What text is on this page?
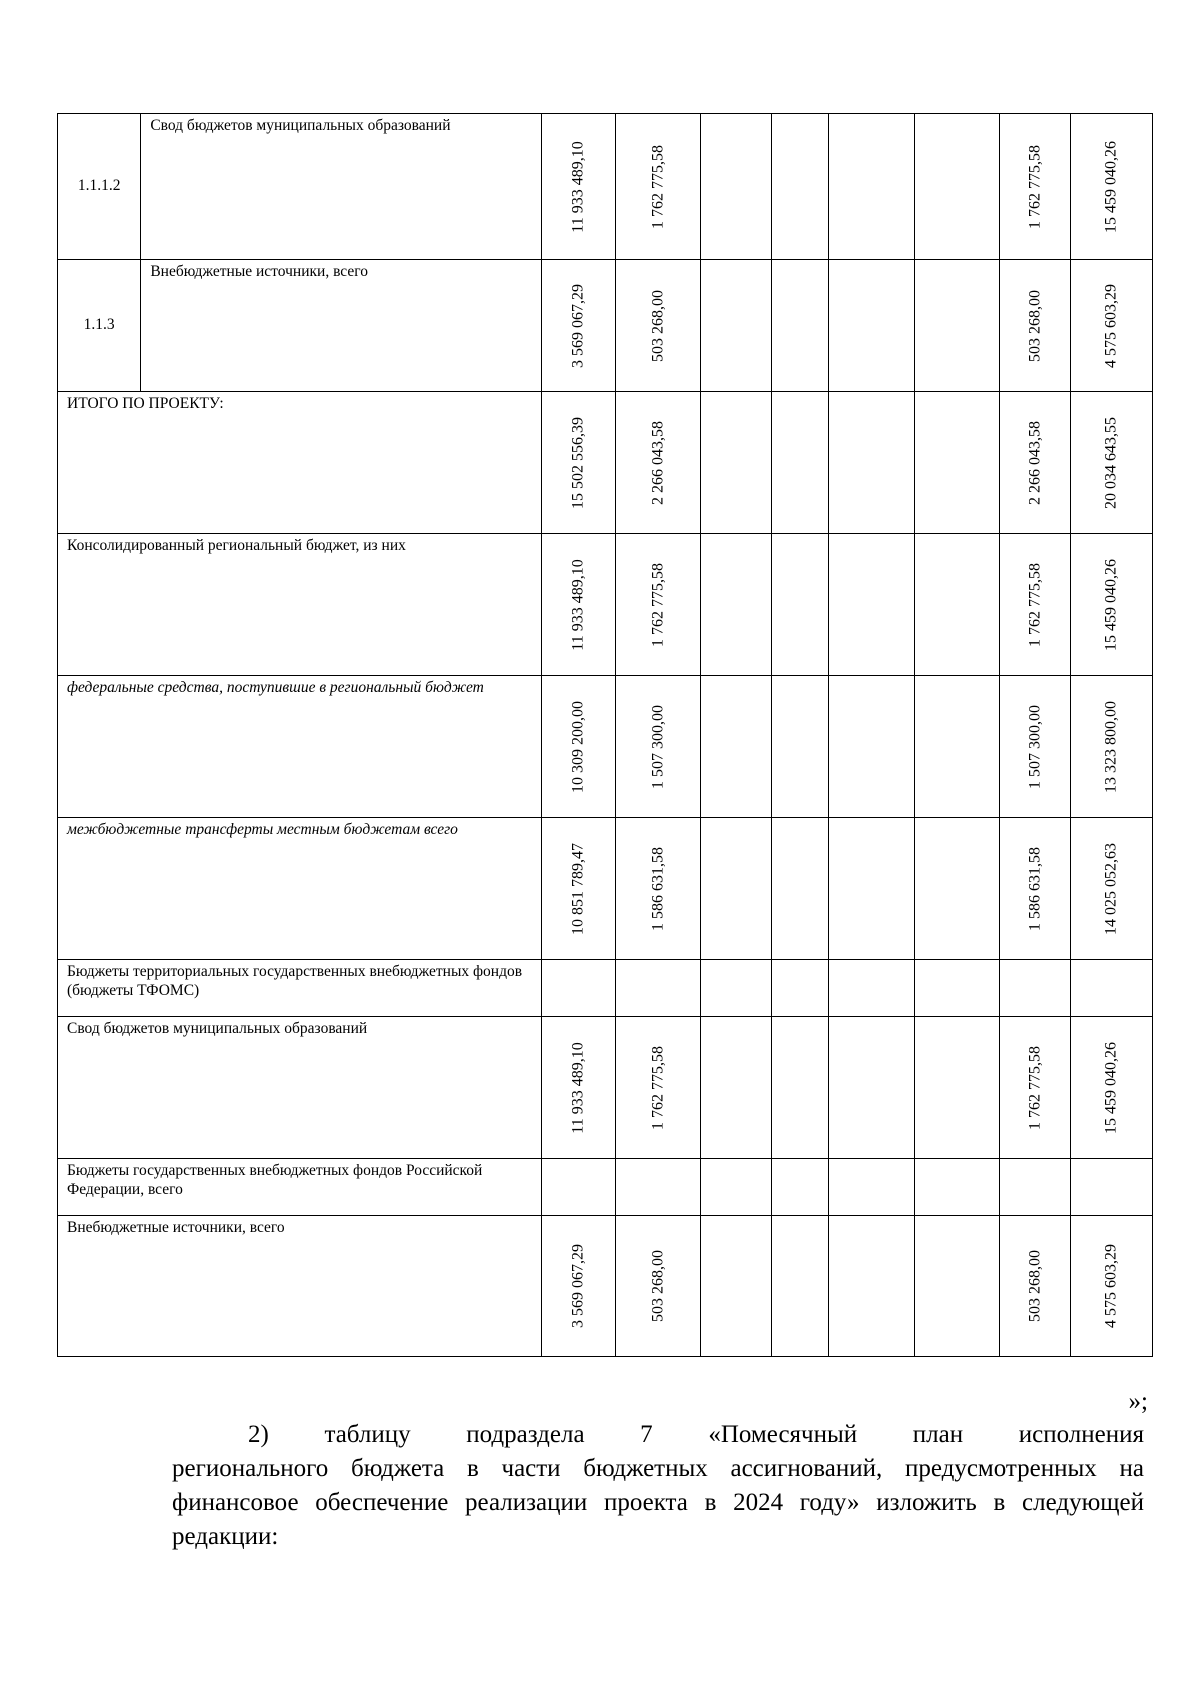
1.1.1.2	Свод бюджетов муниципальных образований	11 933 489,10	1 762 775,58					1 762 775,58	15 459 040,26

1.1.3	Внебюджетные источники, всего	3 569 067,29	503 268,00					503 268,00	4 575 603,29

ИТОГО ПО ПРОЕКТУ:		15 502 556,39	2 266 043,58					2 266 043,58	20 034 643,55

Консолидированный региональный бюджет, из них		11 933 489,10	1 762 775,58					1 762 775,58	15 459 040,26

федеральные средства, поступившие в региональный бюджет		10 309 200,00	1 507 300,00					1 507 300,00	13 323 800,00

межбюджетные трансферты местным бюджетам всего		10 851 789,47	1 586 631,58					1 586 631,58	14 025 052,63

Бюджеты территориальных государственных внебюджетных фондов (бюджеты ТФОМС)									
Свод бюджетов муниципальных образований		11 933 489,10	1 762 775,58					1 762 775,58	15 459 040,26

Бюджеты государственных внебюджетных фондов Российской Федерации, всего									
Внебюджетные источники, всего		3 569 067,29	503 268,00					503 268,00	4 575 603,29
»;

2) таблицу подраздела 7 «Помесячный план исполнения

регионального бюджета в части бюджетных ассигнований, предусмотренных на финансовое обеспечение реализации проекта в 2024 году» изложить в следующей редакции:
